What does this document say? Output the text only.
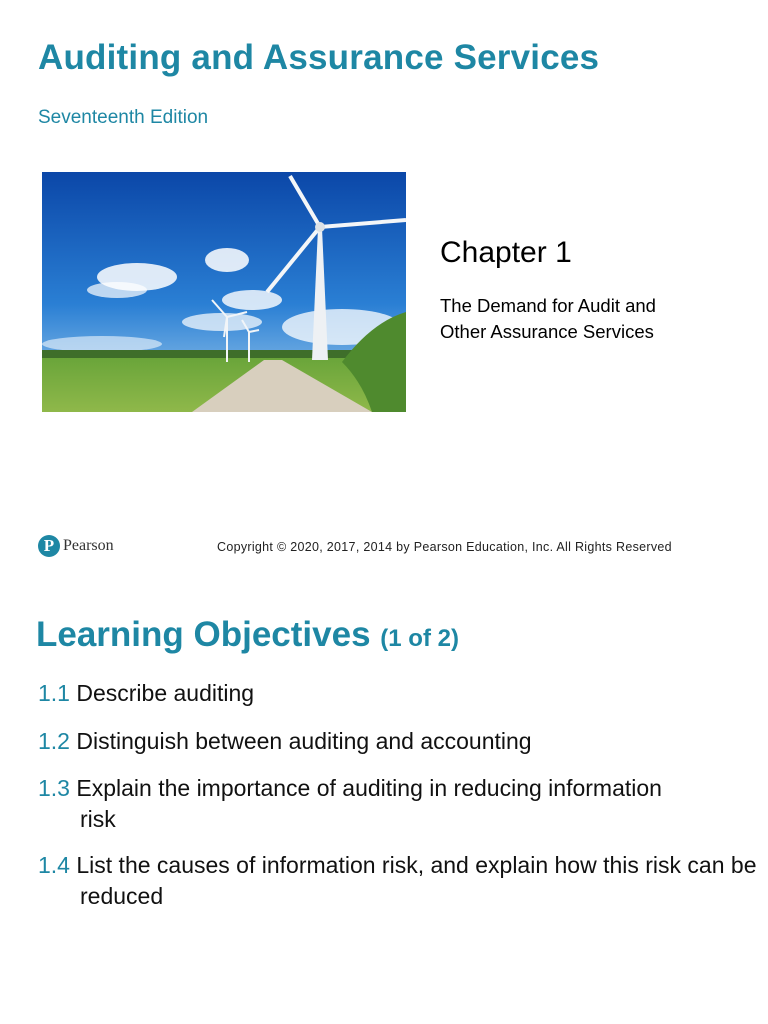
Auditing and Assurance Services
Seventeenth Edition
Chapter 1
The Demand for Audit and
Other Assurance Services
P Pearson	Copyright © 2020, 2017, 2014 by Pearson Education, Inc. All Rights Reserved
Learning Objectives (1 of 2)
1.1 Describe auditing
1.2 Distinguish between auditing and accounting
1.3 Explain the importance of auditing in reducing information risk
1.4 List the causes of information risk, and explain how this risk can be reduced
